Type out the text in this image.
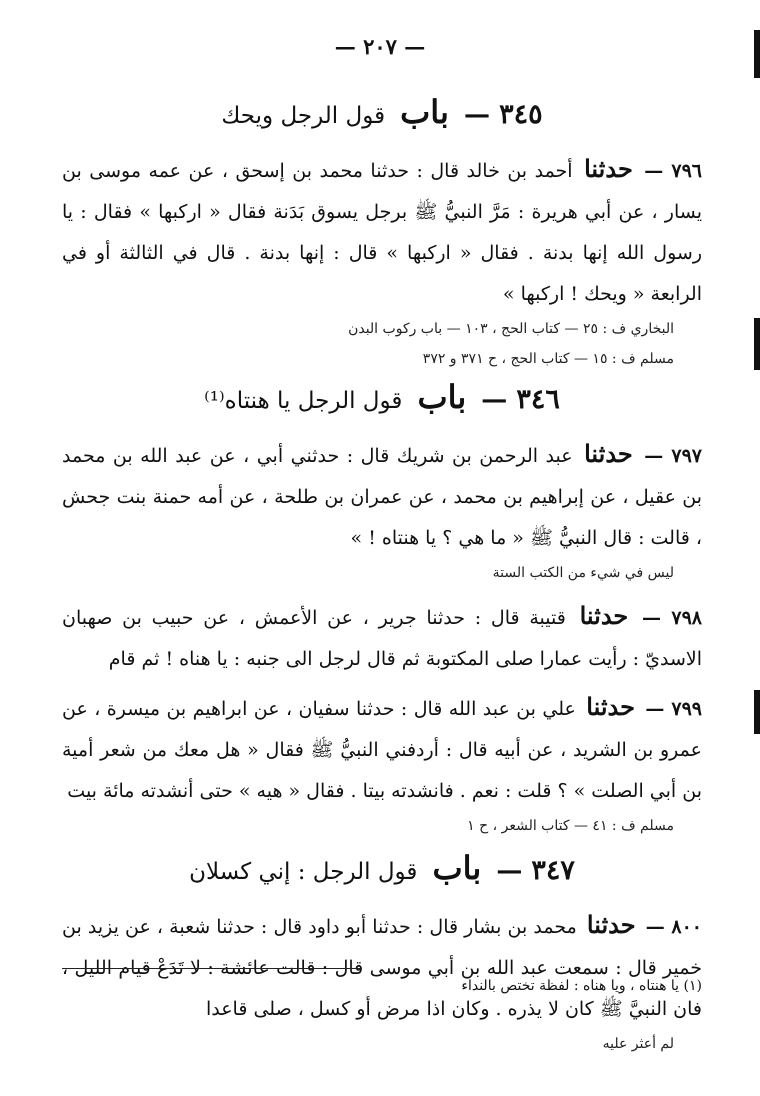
— ٢٠٧ —
٣٤٥ — باب قول الرجل ويحك

٧٩٦ — حدثنا أحمد بن خالد قال : حدثنا محمد بن إسحق ، عن عمه موسى بن يسار ، عن أبي هريرة : مَرَّ النبيُّ ﷺ برجل يسوق بَدَنة فقال « اركبها » فقال : يا رسول الله إنها بدنة . فقال « اركبها » قال : إنها بدنة . قال في الثالثة أو في الرابعة « ويحك ! اركبها »

البخاري ف : ٢٥ — كتاب الحج ، ١٠٣ — باب ركوب البدن
مسلم ف : ١٥ — كتاب الحج ، ح ٣٧١ و ٣٧٢
٣٤٦ — باب قول الرجل يا هنتاه⁽¹⁾

٧٩٧ — حدثنا عبد الرحمن بن شريك قال : حدثني أبي ، عن عبد الله بن محمد بن عقيل ، عن إبراهيم بن محمد ، عن عمران بن طلحة ، عن أمه حمنة بنت جحش ، قالت : قال النبيُّ ﷺ « ما هي ؟ يا هنتاه ! »

ليس في شيء من الكتب الستة

٧٩٨ — حدثنا قتيبة قال : حدثنا جرير ، عن الأعمش ، عن حبيب بن صهبان الاسديّ : رأيت عمارا صلى المكتوبة ثم قال لرجل الى جنبه : يا هناه ! ثم قام

٧٩٩ — حدثنا علي بن عبد الله قال : حدثنا سفيان ، عن ابراهيم بن ميسرة ، عن عمرو بن الشريد ، عن أبيه قال : أردفني النبيُّ ﷺ فقال « هل معك من شعر أمية بن أبي الصلت » ؟ قلت : نعم . فانشدته بيتا . فقال « هيه » حتى أنشدته مائة بيت

مسلم ف : ٤١ — كتاب الشعر ، ح ١
٣٤٧ — باب قول الرجل : إني كسلان

٨٠٠ — حدثنا محمد بن بشار قال : حدثنا أبو داود قال : حدثنا شعبة ، عن يزيد بن خمير قال : سمعت عبد الله بن أبي موسى قال : قالت عائشة : لا تَدَعْ قيام الليل ، فان النبيَّ ﷺ كان لا يذره . وكان اذا مرض أو كسل ، صلى قاعدا

لم أعثر عليه
(١) يا هنتاه ، ويا هناه : لفظة تختص بالنداء
